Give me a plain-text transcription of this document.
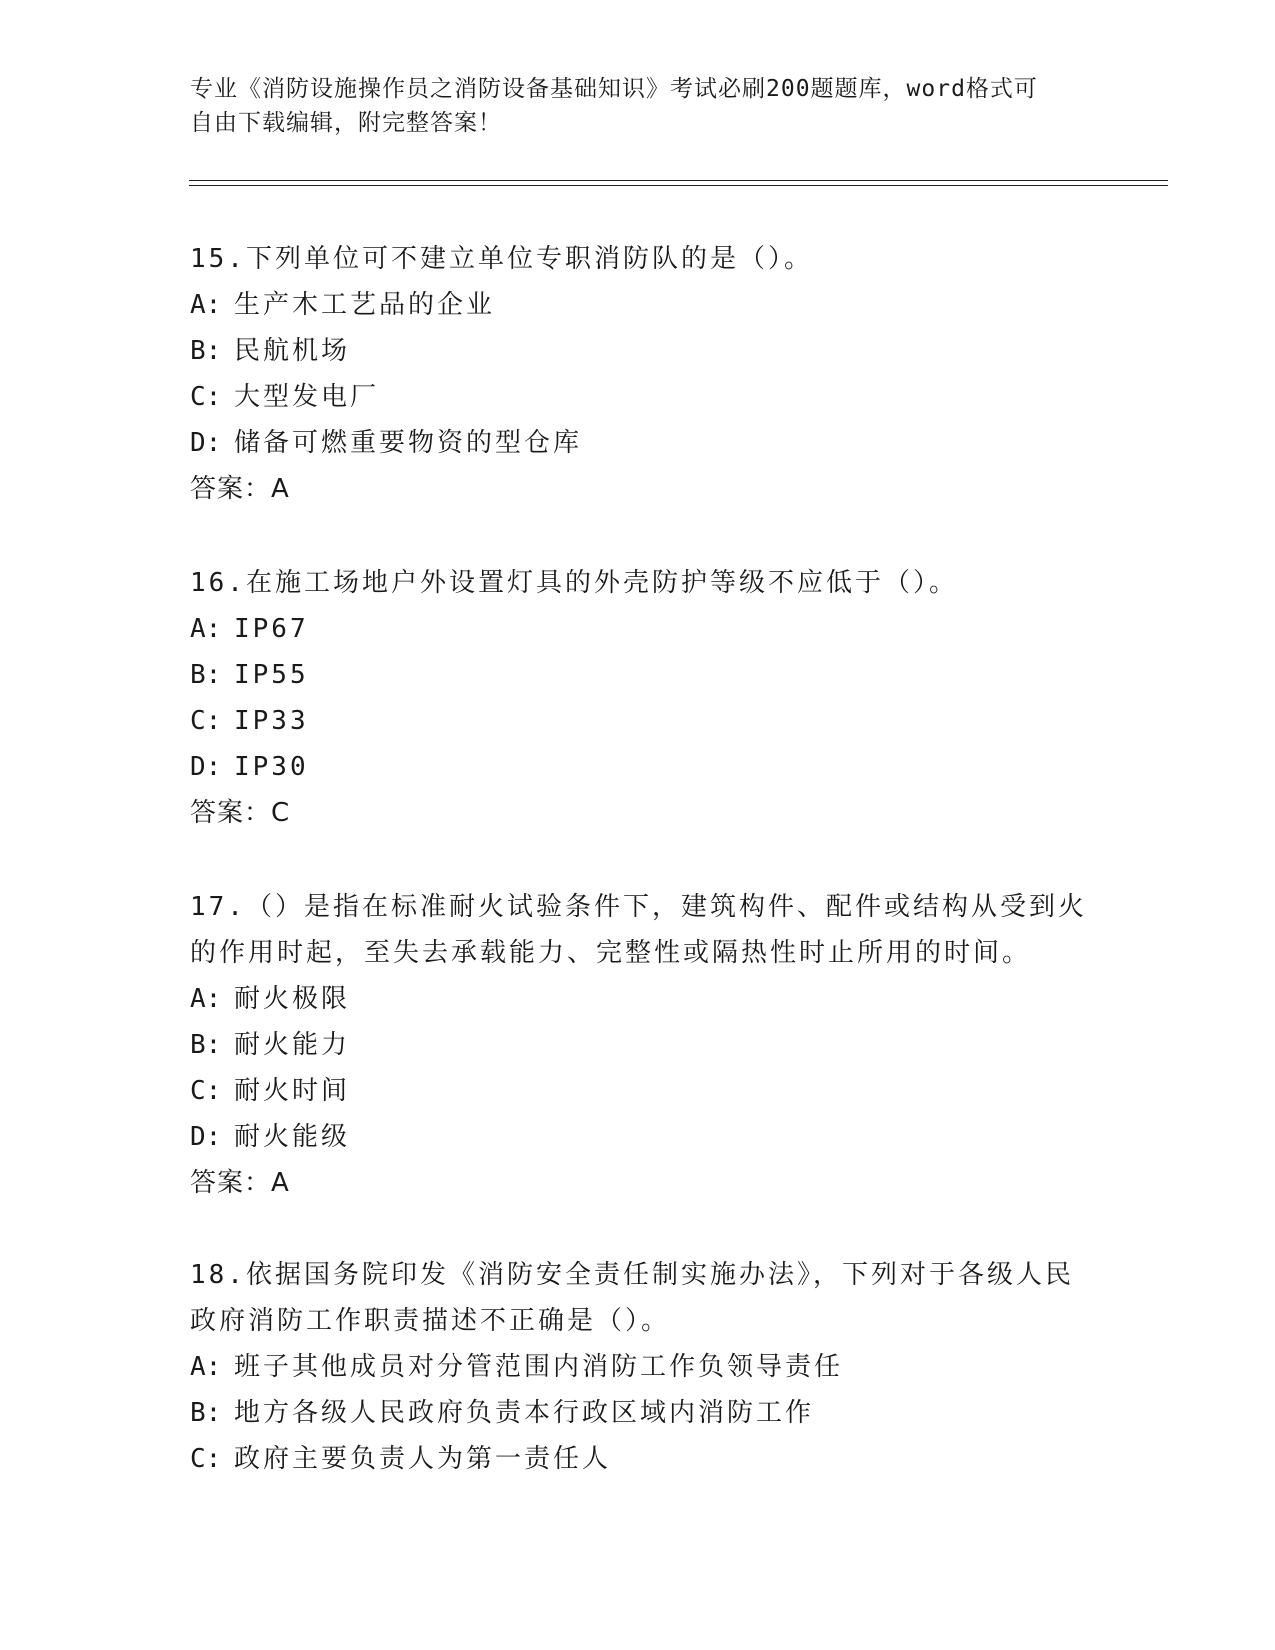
专业《消防设施操作员之消防设备基础知识》考试必刷200题题库，word格式可
自由下载编辑，附完整答案！

15.下列单位可不建立单位专职消防队的是（）。

A: 生产木工艺品的企业

B: 民航机场

C: 大型发电厂

D: 储备可燃重要物资的型仓库

答案：A

16.在施工场地户外设置灯具的外壳防护等级不应低于（）。

A: IP67

B: IP55

C: IP33

D: IP30

答案：C

17.（）是指在标准耐火试验条件下，建筑构件、配件或结构从受到火

的作用时起，至失去承载能力、完整性或隔热性时止所用的时间。

A: 耐火极限

B: 耐火能力

C: 耐火时间

D: 耐火能级

答案：A

18.依据国务院印发《消防安全责任制实施办法》，下列对于各级人民

政府消防工作职责描述不正确是（）。

A: 班子其他成员对分管范围内消防工作负领导责任

B: 地方各级人民政府负责本行政区域内消防工作

C: 政府主要负责人为第一责任人
